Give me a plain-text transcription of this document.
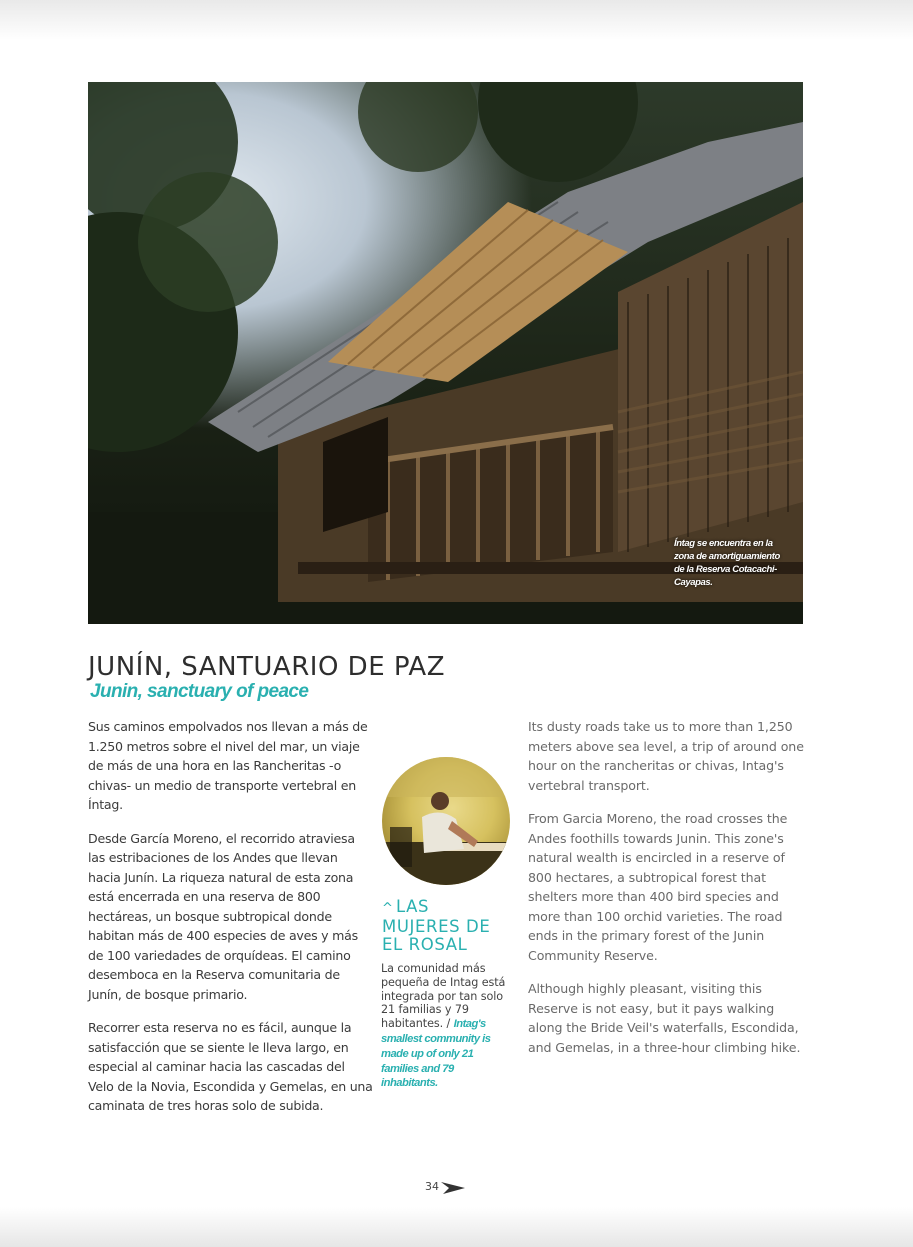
Íntag se encuentra en la zona de amortiguamiento de la Reserva Cotacachi-Cayapas.
JUNÍN, SANTUARIO DE PAZ
Junin, sanctuary of peace

Sus caminos empolvados nos llevan a más de 1.250 metros sobre el nivel del mar, un viaje de más de una hora en las Rancheritas -o chivas- un medio de transporte vertebral en Íntag.

Desde García Moreno, el recorrido atraviesa las estribaciones de los Andes que llevan hacia Junín. La riqueza natural de esta zona está encerrada en una reserva de 800 hectáreas, un bosque subtropical donde habitan más de 400 especies de aves y más de 100 variedades de orquídeas. El camino desemboca en la Reserva comunitaria de Junín, de bosque primario.

Recorrer esta reserva no es fácil, aunque la satisfacción que se siente le lleva largo, en especial al caminar hacia las cascadas del Velo de la Novia, Escondida y Gemelas, en una caminata de tres horas solo de subida.

^ LAS
MUJERES DE
EL ROSAL
La comunidad más pequeña de Intag está integrada por tan solo 21 familias y 79 habitantes. / Intag's smallest community is made up of only 21 families and 79 inhabitants.

Its dusty roads take us to more than 1,250 meters above sea level, a trip of around one hour on the rancheritas or chivas, Intag's vertebral transport.

From Garcia Moreno, the road crosses the Andes foothills towards Junin. This zone's natural wealth is encircled in a reserve of 800 hectares, a subtropical forest that shelters more than 400 bird species and more than 100 orchid varieties. The road ends in the primary forest of the Junin Community Reserve.

Although highly pleasant, visiting this Reserve is not easy, but it pays walking along the Bride Veil's waterfalls, Escondida, and Gemelas, in a three-hour climbing hike.

34
